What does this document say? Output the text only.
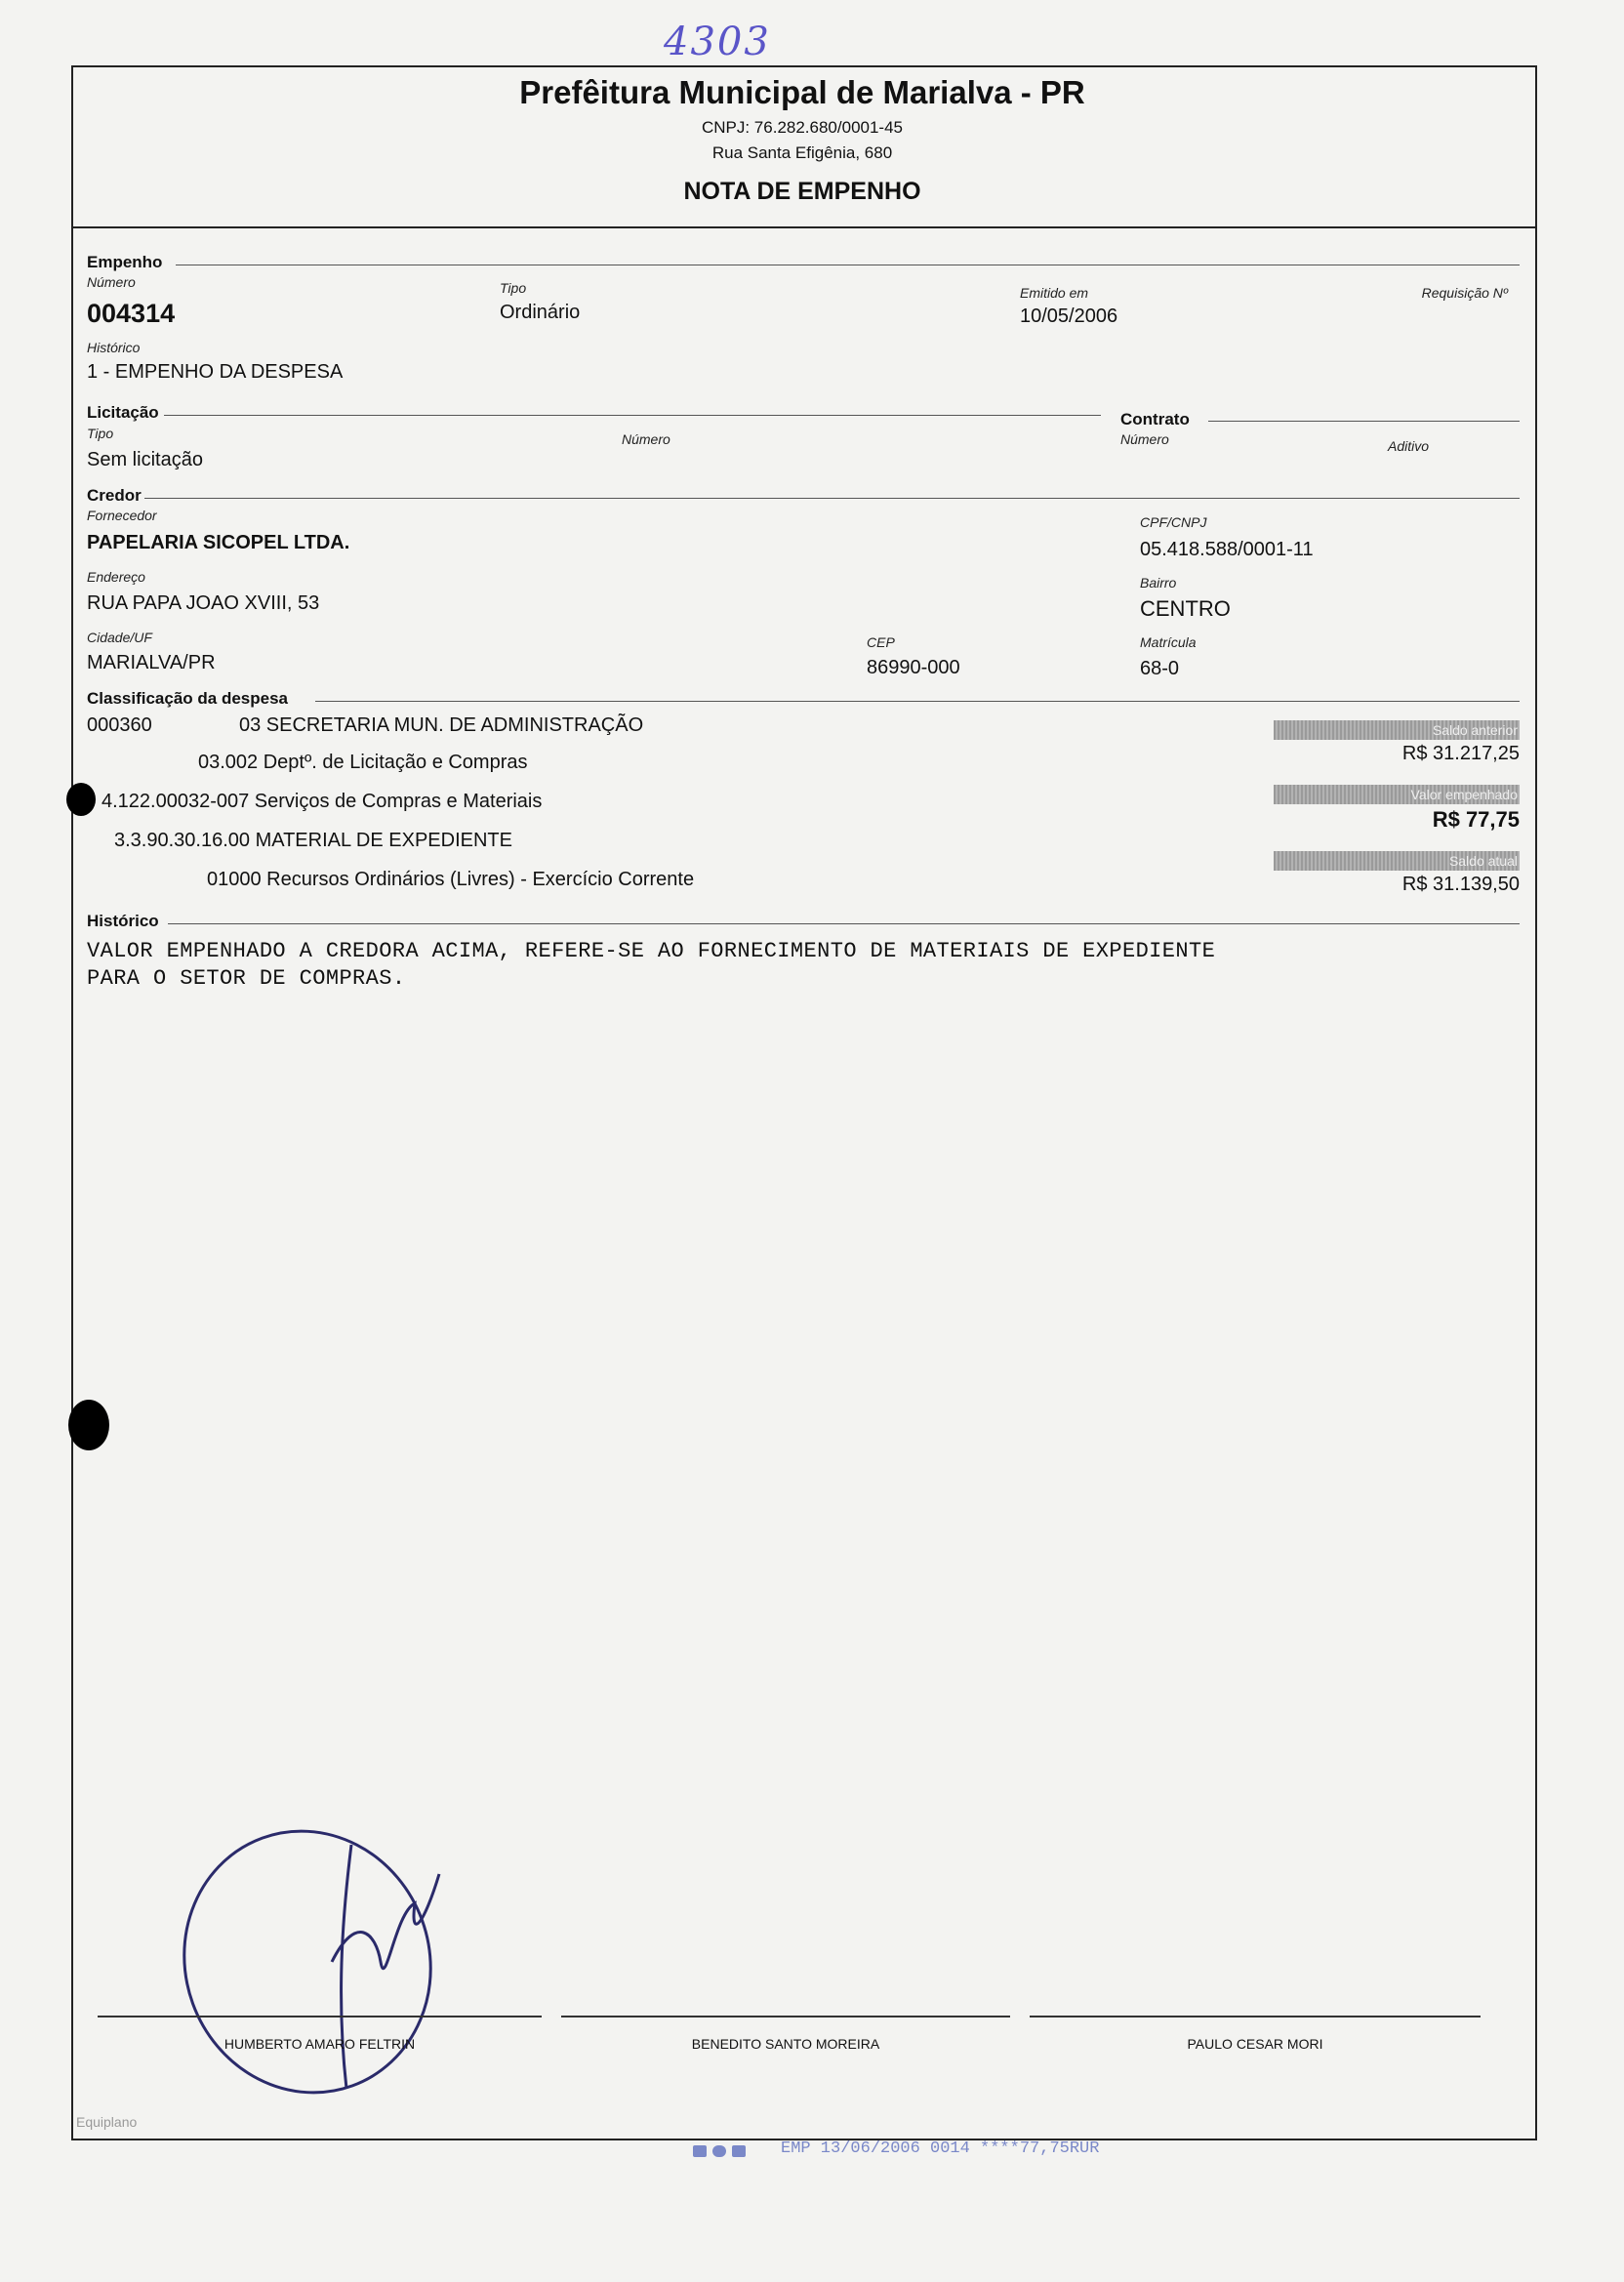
4303
Prefêitura Municipal de Marialva - PR
CNPJ: 76.282.680/0001-45
Rua Santa Efigênia, 680
NOTA DE EMPENHO
Empenho
Número
004314
Tipo
Ordinário
Emitido em
10/05/2006
Requisição Nº
Histórico
1 - EMPENHO DA DESPESA
Licitação	Contrato
Tipo
Sem licitação
Número	Número	Aditivo
Credor
Fornecedor
PAPELARIA SICOPEL LTDA.
CPF/CNPJ
05.418.588/0001-11
Endereço
RUA PAPA JOAO XVIII, 53
Bairro
CENTRO
Cidade/UF
MARIALVA/PR
CEP
86990-000
Matrícula
68-0
Classificação da despesa
000360	03 SECRETARIA MUN. DE ADMINISTRAÇÃO
03.002 Deptº. de Licitação e Compras
4.122.00032-007 Serviços de Compras e Materiais
3.3.90.30.16.00 MATERIAL DE EXPEDIENTE
01000 Recursos Ordinários (Livres) - Exercício Corrente
Saldo anterior
R$ 31.217,25
Valor empenhado
R$ 77,75
Saldo atual
R$ 31.139,50
Histórico
VALOR EMPENHADO A CREDORA ACIMA, REFERE-SE AO FORNECIMENTO DE MATERIAIS DE EXPEDIENTE
PARA O SETOR DE COMPRAS.
HUMBERTO AMARO FELTRIN	BENEDITO SANTO MOREIRA	PAULO CESAR MORI
Equiplano
EMP 13/06/2006 0014 ****77,75RUR
